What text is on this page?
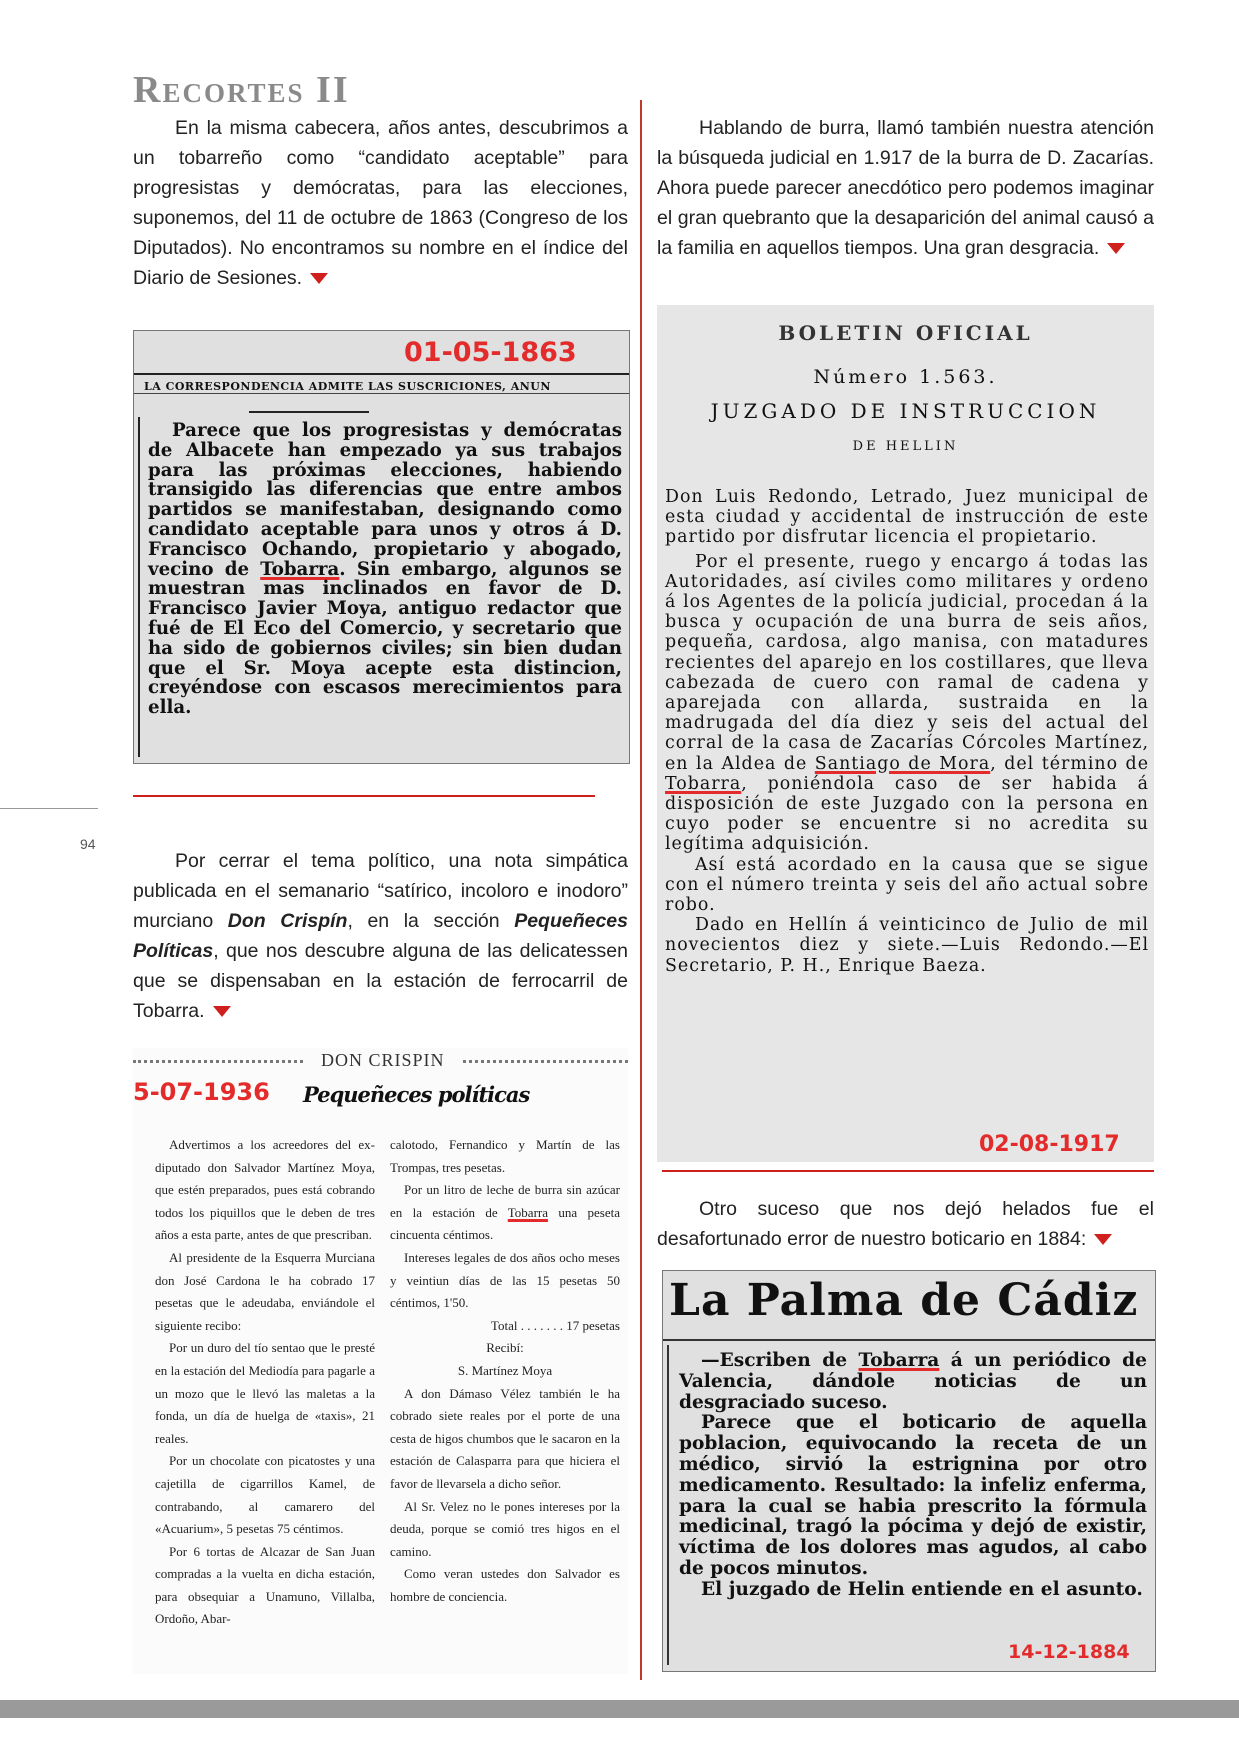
Recortes II

En la misma cabecera, años antes, descubrimos a un tobarreño como “candidato aceptable” para progresistas y demócratas, para las elecciones, suponemos, del 11 de octubre de 1863 (Congreso de los Diputados). No encontramos su nombre en el índice del Diario de Sesiones.

Hablando de burra, llamó también nuestra atención la búsqueda judicial en 1.917 de la burra de D. Zacarías. Ahora puede parecer anecdótico pero podemos imaginar el gran quebranto que la desaparición del animal causó a la familia en aquellos tiempos. Una gran desgracia.

01-05-1863
LA CORRESPONDENCIA ADMITE LAS SUSCRICIONES, ANUN
Parece que los progresistas y demócratas de Albacete han empezado ya sus trabajos para las próximas elecciones, habiendo transigido las diferencias que entre ambos partidos se manifestaban, designando como candidato aceptable para unos y otros á D. Francisco Ochando, propietario y abogado, vecino de Tobarra. Sin embargo, algunos se muestran mas inclinados en favor de D. Francisco Javier Moya, antiguo redactor que fué de El Eco del Comercio, y secretario que ha sido de gobiernos civiles; sin bien dudan que el Sr. Moya acepte esta distincion, creyéndose con escasos merecimientos para ella.
94

Por cerrar el tema político, una nota simpática publicada en el semanario “satírico, incoloro e inodoro” murciano Don Crispín, en la sección Pequeñeces Políticas, que nos descubre alguna de las delicatessen que se dispensaban en la estación de ferrocarril de Tobarra.

DON CRISPIN
5-07-1936 Pequeñeces políticas

Advertimos a los acreedores del ex-diputado don Salvador Martínez Moya, que estén preparados, pues está cobrando todos los piquillos que le deben de tres años a esta parte, antes de que prescriban.

Al presidente de la Esquerra Murciana don José Cardona le ha cobrado 17 pesetas que le adeudaba, enviándole el siguiente recibo:

Por un duro del tío sentao que le presté en la estación del Mediodía para pagarle a un mozo que le llevó las maletas a la fonda, un día de huelga de «taxis», 21 reales.

Por un chocolate con picatostes y una cajetilla de cigarrillos Kamel, de contrabando, al camarero del «Acuarium», 5 pesetas 75 céntimos.

Por 6 tortas de Alcazar de San Juan compradas a la vuelta en dicha estación, para obsequiar a Unamuno, Villalba, Ordoño, Abar-

calotodo, Fernandico y Martín de las Trompas, tres pesetas.

Por un litro de leche de burra sin azúcar en la estación de Tobarra una peseta cincuenta céntimos.

Intereses legales de dos años ocho meses y veintiun días de las 15 pesetas 50 céntimos, 1'50.

Total . . . . . . . 17 pesetas

Recibí:

S. Martínez Moya

A don Dámaso Vélez también le ha cobrado siete reales por el porte de una cesta de higos chumbos que le sacaron en la estación de Calasparra para que hiciera el favor de llevarsela a dicho señor.

Al Sr. Velez no le pones intereses por la deuda, porque se comió tres higos en el camino.

Como veran ustedes don Salvador es hombre de conciencia.

BOLETIN OFICIAL
Número 1.563.
JUZGADO DE INSTRUCCION
DE HELLIN
Don Luis Redondo, Letrado, Juez municipal de esta ciudad y accidental de instrucción de este partido por disfrutar licencia el propietario.
Por el presente, ruego y encargo á todas las Autoridades, así civiles como militares y ordeno á los Agentes de la policía judicial, procedan á la busca y ocupación de una burra de seis años, pequeña, cardosa, algo manisa, con matadures recientes del aparejo en los costillares, que lleva cabezada de cuero con ramal de cadena y aparejada con allarda, sustraida en la madrugada del día diez y seis del actual del corral de la casa de Zacarías Córcoles Martínez, en la Aldea de Santiago de Mora, del término de Tobarra, poniéndola caso de ser habida á disposición de este Juzgado con la persona en cuyo poder se encuentre si no acredita su legítima adquisición.
Así está acordado en la causa que se sigue con el número treinta y seis del año actual sobre robo.
Dado en Hellín á veinticinco de Julio de mil novecientos diez y siete.—Luis Redondo.—El Secretario, P. H., Enrique Baeza.
02-08-1917

Otro suceso que nos dejó helados fue el desafortunado error de nuestro boticario en 1884:

La Palma de Cádiz
—Escriben de Tobarra á un periódico de Valencia, dándole noticias de un desgraciado suceso.
Parece que el boticario de aquella poblacion, equivocando la receta de un médico, sirvió la estrignina por otro medicamento. Resultado: la infeliz enferma, para la cual se habia prescrito la fórmula medicinal, tragó la pócima y dejó de existir, víctima de los dolores mas agudos, al cabo de pocos minutos.
El juzgado de Helin entiende en el asunto.
14-12-1884
